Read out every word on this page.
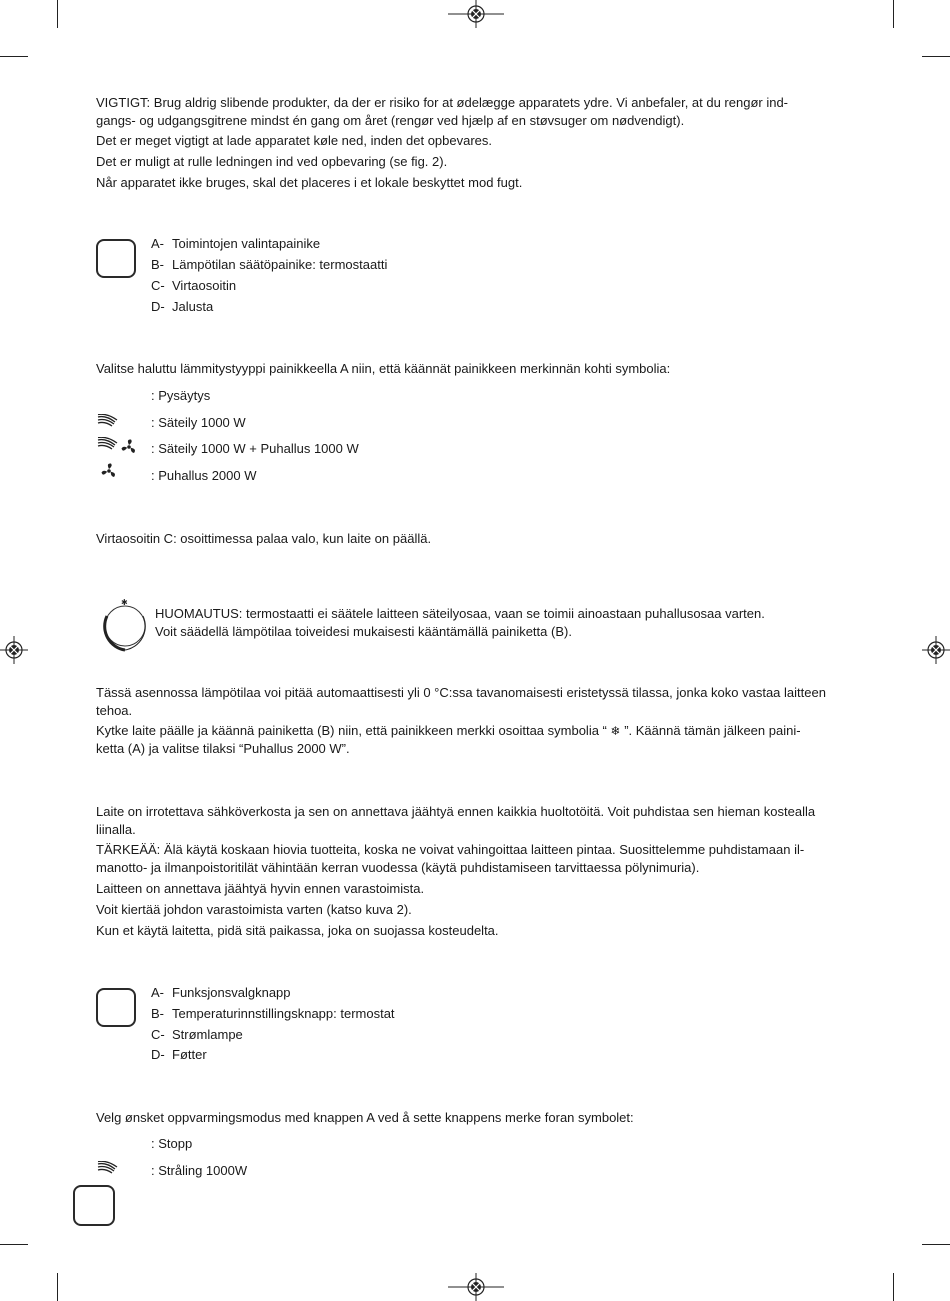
VIGTIGT: Brug aldrig slibende produkter, da der er risiko for at ødelægge apparatets ydre. Vi anbefaler, at du rengør ind-
gangs- og udgangsgitrene mindst én gang om året (rengør ved hjælp af en støvsuger om nødvendigt).
Det er meget vigtigt at lade apparatet køle ned, inden det opbevares.
Det er muligt at rulle ledningen ind ved opbevaring (se fig. 2).
Når apparatet ikke bruges, skal det placeres i et lokale beskyttet mod fugt.
A- Toimintojen valintapainike
B- Lämpötilan säätöpainike: termostaatti
C- Virtaosoitin
D- Jalusta
Valitse haluttu lämmitystyyppi painikkeella A niin, että käännät painikkeen merkinnän kohti symbolia:
: Pysäytys
: Säteily 1000 W
: Säteily 1000 W + Puhallus 1000 W
: Puhallus 2000 W
Virtaosoitin C: osoittimessa palaa valo, kun laite on päällä.
✱
HUOMAUTUS: termostaatti ei säätele laitteen säteilyosaa, vaan se toimii ainoastaan puhallusosaa varten.
Voit säädellä lämpötilaa toiveidesi mukaisesti kääntämällä painiketta (B).
Tässä asennossa lämpötilaa voi pitää automaattisesti yli 0 °C:ssa tavanomaisesti eristetyssä tilassa, jonka koko vastaa laitteen
tehoa.
Kytke laite päälle ja käännä painiketta (B) niin, että painikkeen merkki osoittaa symbolia “ ❄ ”. Käännä tämän jälkeen paini-
ketta (A) ja valitse tilaksi “Puhallus 2000 W”.
Laite on irrotettava sähköverkosta ja sen on annettava jäähtyä ennen kaikkia huoltotöitä. Voit puhdistaa sen hieman kostealla
liinalla.
TÄRKEÄÄ: Älä käytä koskaan hiovia tuotteita, koska ne voivat vahingoittaa laitteen pintaa. Suosittelemme puhdistamaan il-
manotto- ja ilmanpoistoritilät vähintään kerran vuodessa (käytä puhdistamiseen tarvittaessa pölynimuria).
Laitteen on annettava jäähtyä hyvin ennen varastoimista.
Voit kiertää johdon varastoimista varten (katso kuva 2).
Kun et käytä laitetta, pidä sitä paikassa, joka on suojassa kosteudelta.
A- Funksjonsvalgknapp
B- Temperaturinnstillingsknapp: termostat
C- Strømlampe
D- Føtter
Velg ønsket oppvarmingsmodus med knappen A ved å sette knappens merke foran symbolet:
: Stopp
: Stråling 1000W
